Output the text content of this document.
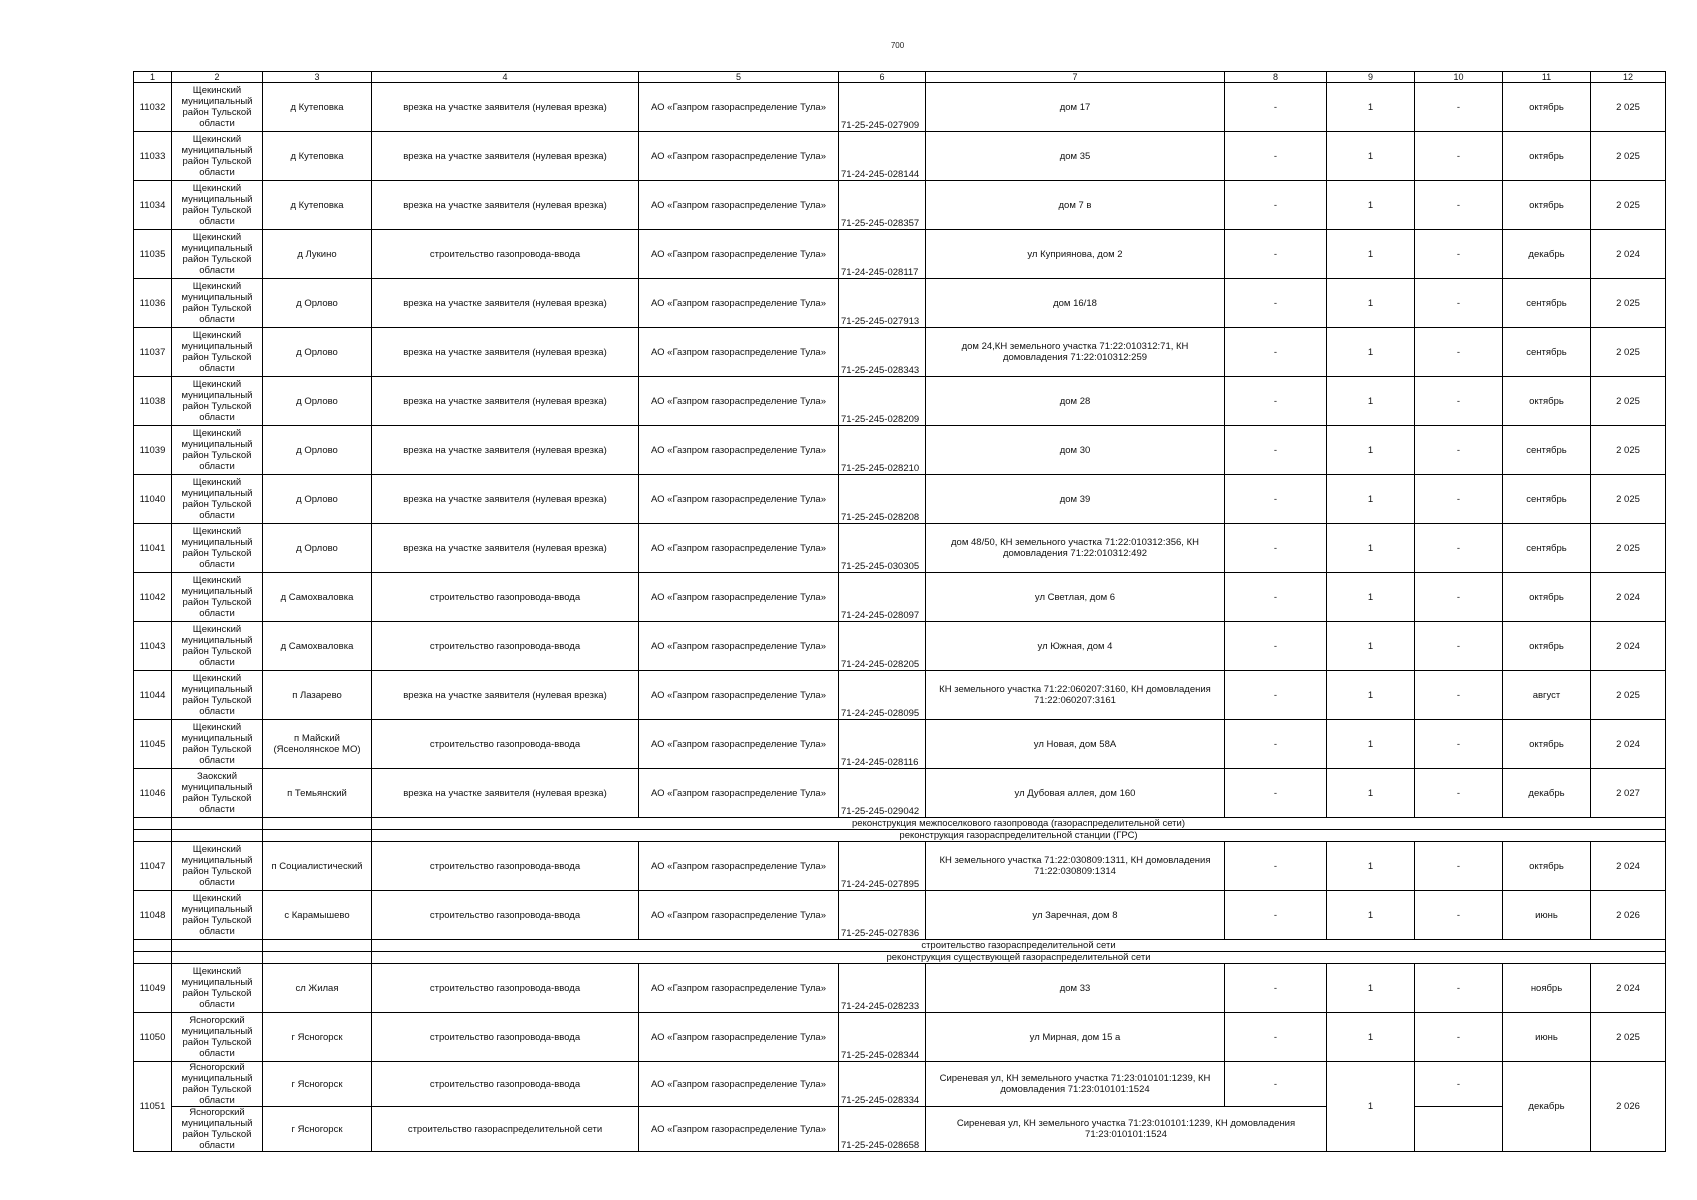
700
1	2	3	4	5	6	7	8	9	10	11	12
11032	Щекинский муниципальный район Тульской области	д Кутеповка	врезка на участке заявителя (нулевая врезка)	АО «Газпром газораспределение Тула»	71-25-245-027909	дом 17	-	1	-	октябрь	2 025
11033	Щекинский муниципальный район Тульской области	д Кутеповка	врезка на участке заявителя (нулевая врезка)	АО «Газпром газораспределение Тула»	71-24-245-028144	дом 35	-	1	-	октябрь	2 025
11034	Щекинский муниципальный район Тульской области	д Кутеповка	врезка на участке заявителя (нулевая врезка)	АО «Газпром газораспределение Тула»	71-25-245-028357	дом 7 в	-	1	-	октябрь	2 025
11035	Щекинский муниципальный район Тульской области	д Лукино	строительство газопровода-ввода	АО «Газпром газораспределение Тула»	71-24-245-028117	ул Куприянова, дом 2	-	1	-	декабрь	2 024
11036	Щекинский муниципальный район Тульской области	д Орлово	врезка на участке заявителя (нулевая врезка)	АО «Газпром газораспределение Тула»	71-25-245-027913	дом 16/18	-	1	-	сентябрь	2 025
11037	Щекинский муниципальный район Тульской области	д Орлово	врезка на участке заявителя (нулевая врезка)	АО «Газпром газораспределение Тула»	71-25-245-028343	дом 24,КН земельного участка 71:22:010312:71, КН домовладения 71:22:010312:259	-	1	-	сентябрь	2 025
11038	Щекинский муниципальный район Тульской области	д Орлово	врезка на участке заявителя (нулевая врезка)	АО «Газпром газораспределение Тула»	71-25-245-028209	дом 28	-	1	-	октябрь	2 025
11039	Щекинский муниципальный район Тульской области	д Орлово	врезка на участке заявителя (нулевая врезка)	АО «Газпром газораспределение Тула»	71-25-245-028210	дом 30	-	1	-	сентябрь	2 025
11040	Щекинский муниципальный район Тульской области	д Орлово	врезка на участке заявителя (нулевая врезка)	АО «Газпром газораспределение Тула»	71-25-245-028208	дом 39	-	1	-	сентябрь	2 025
11041	Щекинский муниципальный район Тульской области	д Орлово	врезка на участке заявителя (нулевая врезка)	АО «Газпром газораспределение Тула»	71-25-245-030305	дом 48/50, КН земельного участка 71:22:010312:356, КН домовладения 71:22:010312:492	-	1	-	сентябрь	2 025
11042	Щекинский муниципальный район Тульской области	д Самохваловка	строительство газопровода-ввода	АО «Газпром газораспределение Тула»	71-24-245-028097	ул Светлая, дом 6	-	1	-	октябрь	2 024
11043	Щекинский муниципальный район Тульской области	д Самохваловка	строительство газопровода-ввода	АО «Газпром газораспределение Тула»	71-24-245-028205	ул Южная, дом 4	-	1	-	октябрь	2 024
11044	Щекинский муниципальный район Тульской области	п Лазарево	врезка на участке заявителя (нулевая врезка)	АО «Газпром газораспределение Тула»	71-24-245-028095	КН земельного участка 71:22:060207:3160, КН домовладения 71:22:060207:3161	-	1	-	август	2 025
11045	Щекинский муниципальный район Тульской области	п Майский (Ясенолянское МО)	строительство газопровода-ввода	АО «Газпром газораспределение Тула»	71-24-245-028116	ул Новая, дом 58А	-	1	-	октябрь	2 024
11046	Заокский муниципальный район Тульской области	п Темьянский	врезка на участке заявителя (нулевая врезка)	АО «Газпром газораспределение Тула»	71-25-245-029042	ул Дубовая аллея, дом 160	-	1	-	декабрь	2 027
			реконструкция межпоселкового газопровода (газораспределительной сети)								
			реконструкция газораспределительной станции (ГРС)								
11047	Щекинский муниципальный район Тульской области	п Социалистический	строительство газопровода-ввода	АО «Газпром газораспределение Тула»	71-24-245-027895	КН земельного участка 71:22:030809:1311, КН домовладения 71:22:030809:1314	-	1	-	октябрь	2 024
11048	Щекинский муниципальный район Тульской области	с Карамышево	строительство газопровода-ввода	АО «Газпром газораспределение Тула»	71-25-245-027836	ул Заречная, дом 8	-	1	-	июнь	2 026
			строительство газораспределительной сети								
			реконструкция существующей газораспределительной сети								
11049	Щекинский муниципальный район Тульской области	сл Жилая	строительство газопровода-ввода	АО «Газпром газораспределение Тула»	71-24-245-028233	дом 33	-	1	-	ноябрь	2 024
11050	Ясногорский муниципальный район Тульской области	г Ясногорск	строительство газопровода-ввода	АО «Газпром газораспределение Тула»	71-25-245-028344	ул Мирная, дом 15 а	-	1	-	июнь	2 025
11051	Ясногорский муниципальный район Тульской области	г Ясногорск	строительство газопровода-ввода	АО «Газпром газораспределение Тула»	71-25-245-028334	Сиреневая ул, КН земельного участка 71:23:010101:1239, КН домовладения 71:23:010101:1524	-	1	-	декабрь	2 026
	Ясногорский муниципальный район Тульской области	г Ясногорск	строительство газораспределительной сети	АО «Газпром газораспределение Тула»	71-25-245-028658	Сиреневая ул, КН земельного участка 71:23:010101:1239, КН домовладения 71:23:010101:1524					
